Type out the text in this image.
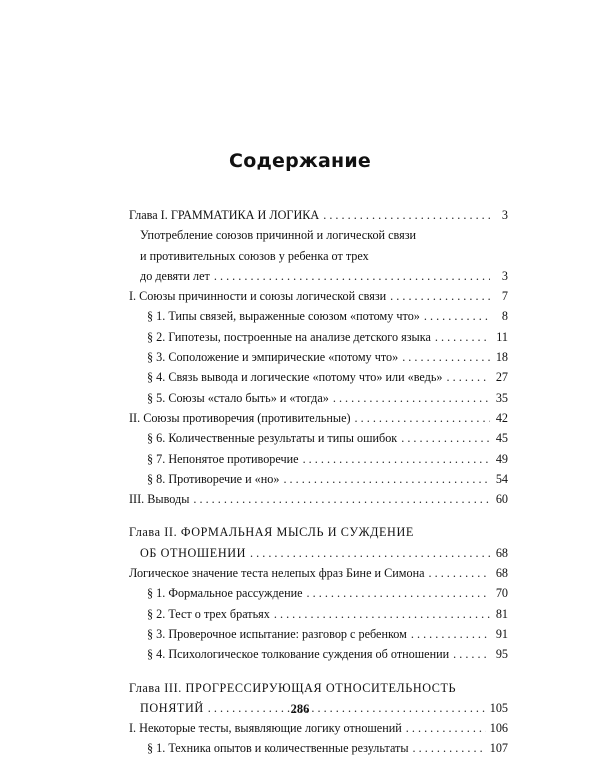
Содержание
Глава I. ГРАММАТИКА И ЛОГИКА . . .	3
Употребление союзов причинной и логической связи
и противительных союзов у ребенка от трех
до девяти лет . . .	3
I. Союзы причинности и союзы логической связи . . .	7
§ 1. Типы связей, выраженные союзом «потому что» . . .	8
§ 2. Гипотезы, построенные на анализе детского языка . . .	11
§ 3. Соположение и эмпирические «потому что» . . .	18
§ 4. Связь вывода и логические «потому что» или «ведь» . . .	27
§ 5. Союзы «стало быть» и «тогда» . . .	35
II. Союзы противоречия (противительные) . . .	42
§ 6. Количественные результаты и типы ошибок . . .	45
§ 7. Непонятое противоречие . . .	49
§ 8. Противоречие и «но» . . .	54
III. Выводы . . .	60
Глава II. ФОРМАЛЬНАЯ МЫСЛЬ И СУЖДЕНИЕ
ОБ ОТНОШЕНИИ . . .	68
Логическое значение теста нелепых фраз Бине и Симона . . .	68
§ 1. Формальное рассуждение . . .	70
§ 2. Тест о трех братьях . . .	81
§ 3. Проверочное испытание: разговор с ребенком . . .	91
§ 4. Психологическое толкование суждения об отношении . . .	95
Глава III. ПРОГРЕССИРУЮЩАЯ ОТНОСИТЕЛЬНОСТЬ
ПОНЯТИЙ . . .	105
I. Некоторые тесты, выявляющие логику отношений . . .	106
§ 1. Техника опытов и количественные результаты . . .	107
286
